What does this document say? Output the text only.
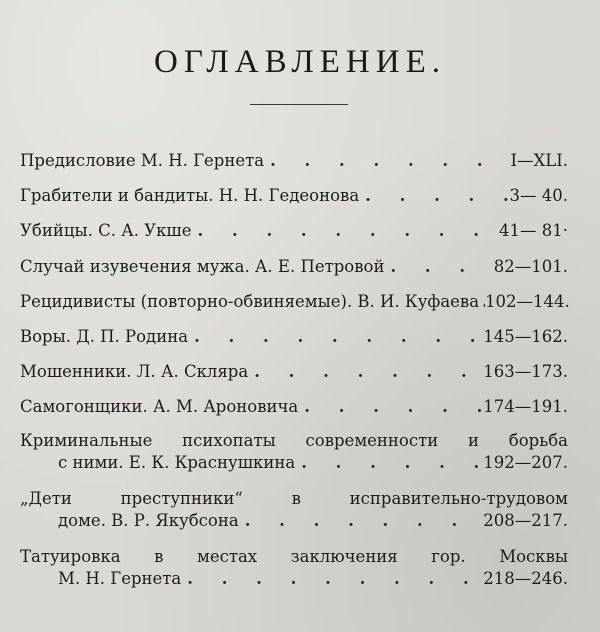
ОГЛАВЛЕНИЕ.
Предисловие М. Н. Гернета .	I—XLI.
Грабители и бандиты. Н. Н. Гедеонова .	3— 40.
Убийцы. С. А. Укше .	41— 81·
Случай изувечения мужа. А. Е. Петровой .	82—101.
Рецидивисты (повторно-обвиняемые). В. И. Куфаева . 102—144.
Воры. Д. П. Родина .	145—162.
Мошенники. Л. А. Скляра .	163—173.
Самогонщики. А. М. Ароновича .	174—191.
Криминальные психопаты современности и борьба
с ними. Е. К. Краснушкина .	192—207.
„Дети преступники“ в исправительно-трудовом
доме. В. Р. Якубсона .	208—217.
Татуировка в местах заключения гор. Москвы
М. Н. Гернета .	218—246.
